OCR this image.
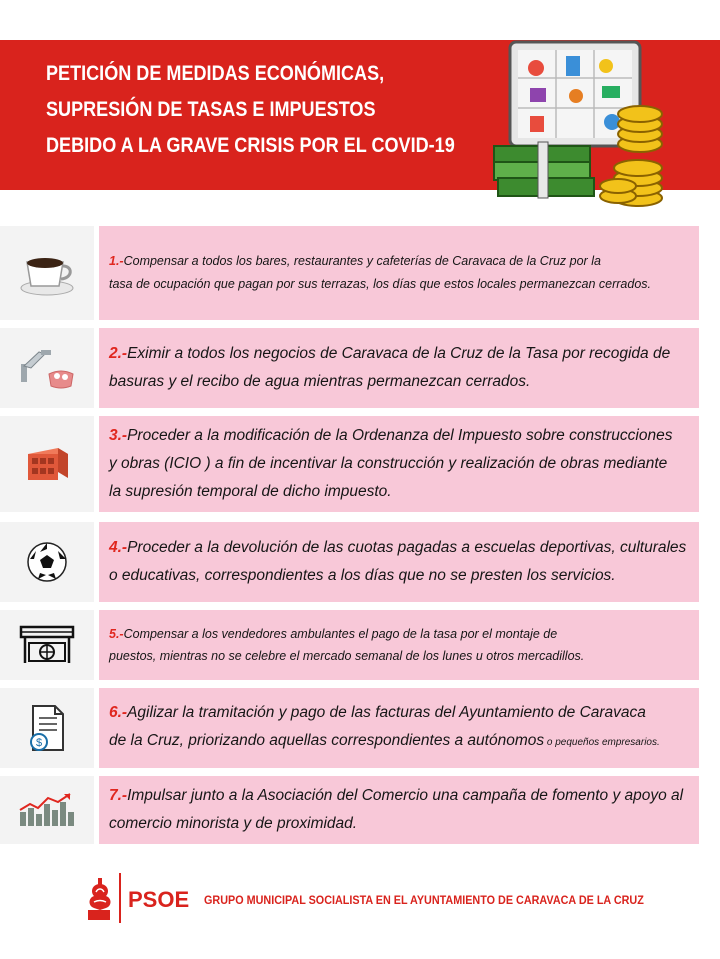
PETICIÓN DE MEDIDAS ECONÓMICAS,
SUPRESIÓN DE TASAS E IMPUESTOS
DEBIDO A LA GRAVE CRISIS POR EL COVID-19

1.-Compensar a todos los bares, restaurantes y cafeterías de Caravaca de la Cruz por la
tasa de ocupación que pagan por sus terrazas, los días que estos locales permanezcan cerrados.

2.-Eximir a todos los negocios de Caravaca de la Cruz de la Tasa por recogida de
basuras y el recibo de agua mientras permanezcan cerrados.

3.-Proceder a la modificación de la Ordenanza del Impuesto sobre construcciones
y obras (ICIO ) a fin de incentivar la construcción y realización de obras mediante
la supresión temporal de dicho impuesto.

4.-Proceder a la devolución de las cuotas pagadas a escuelas deportivas, culturales
o educativas, correspondientes a los días que no se presten los servicios.

5.-Compensar a los vendedores ambulantes el pago de la tasa por el montaje de
puestos, mientras no se celebre el mercado semanal de los lunes u otros mercadillos.

$

6.-Agilizar la tramitación y pago de las facturas del Ayuntamiento de Caravaca
de la Cruz, priorizando aquellas correspondientes a autónomos o pequeños empresarios.

7.-Impulsar junto a la Asociación del Comercio una campaña de fomento y apoyo al
comercio minorista y de proximidad.

PSOE GRUPO MUNICIPAL SOCIALISTA EN EL AYUNTAMIENTO DE CARAVACA DE LA CRUZ
